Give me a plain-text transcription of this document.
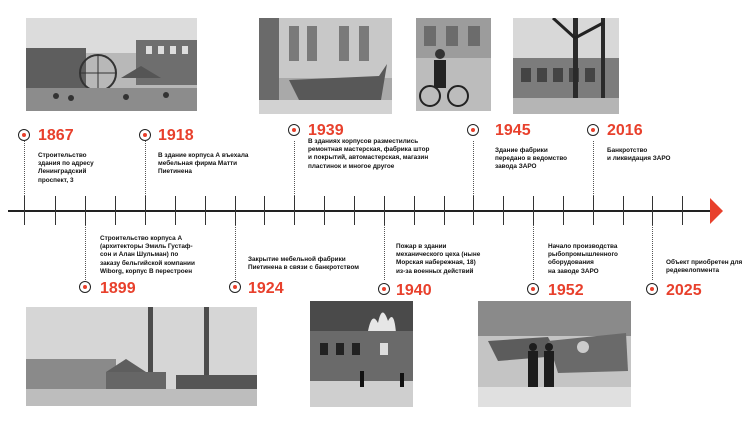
1867
Строительство
здания по адресу
Ленинградский
проспект, 3
1918
В здание корпуса А въехала
мебельная фирма Матти
Пиетинена
1939
В зданиях корпусов разместились
ремонтная мастерская, фабрика штор
и покрытий, автомастерская, магазин
пластинок и многое другое
1945
Здание фабрики
передано в ведомство
завода ЗАРО
2016
Банкротство
и ликвидация ЗАРО
Строительство корпуса А
(архитекторы Эмиль Густаф-
сон и Алан Шульман) по
заказу бельгийской компании
Wiborg, корпус В перестроен
1899
Закрытие мебельной фабрики
Пиетинена в связи с банкротством
1924
Пожар в здании
механического цеха (ныне
Морская набережная, 18)
из-за военных действий
1940
Начало производства
рыбопромышленного
оборудования
на заводе ЗАРО
1952
Объект приобретен для
редевелопмента
2025
